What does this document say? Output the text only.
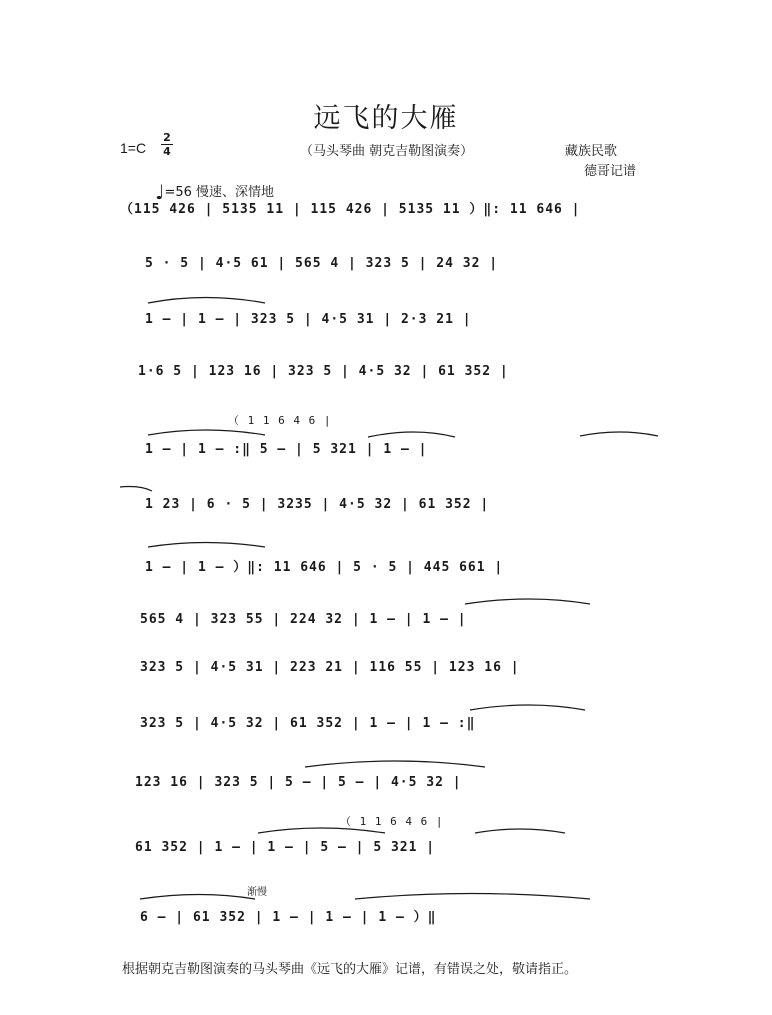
远飞的大雁
1=C
2
4	（马头琴曲 朝克吉勒图演奏）	藏族民歌
德哥记谱
♩=56 慢速、深情地
（115 426 | 5135 11 | 115 426 | 5135 11 ）‖: 11 646 |
5 · 5 | 4·5 61 | 565 4 | 323 5 | 24 32 |
1 – | 1 – | 323 5 | 4·5 31 | 2·3 21 |
1·6 5 | 123 16 | 323 5 | 4·5 32 | 61 352 |
（ 1 1 6 4 6 |
1 – | 1 – :‖ 5 – | 5 321 | 1 – |
1 23 | 6 · 5 | 3235 | 4·5 32 | 61 352 |
1 – | 1 – ）‖: 11 646 | 5 · 5 | 445 661 |
565 4 | 323 55 | 224 32 | 1 – | 1 – |
323 5 | 4·5 31 | 223 21 | 116 55 | 123 16 |
323 5 | 4·5 32 | 61 352 | 1 – | 1 – :‖
123 16 | 323 5 | 5 – | 5 – | 4·5 32 |
（ 1 1 6 4 6 |
61 352 | 1 – | 1 – | 5 – | 5 321 |
渐慢
6 – | 61 352 | 1 – | 1 – | 1 – ）‖
根据朝克吉勒图演奏的马头琴曲《远飞的大雁》记谱，有错误之处，敬请指正。
